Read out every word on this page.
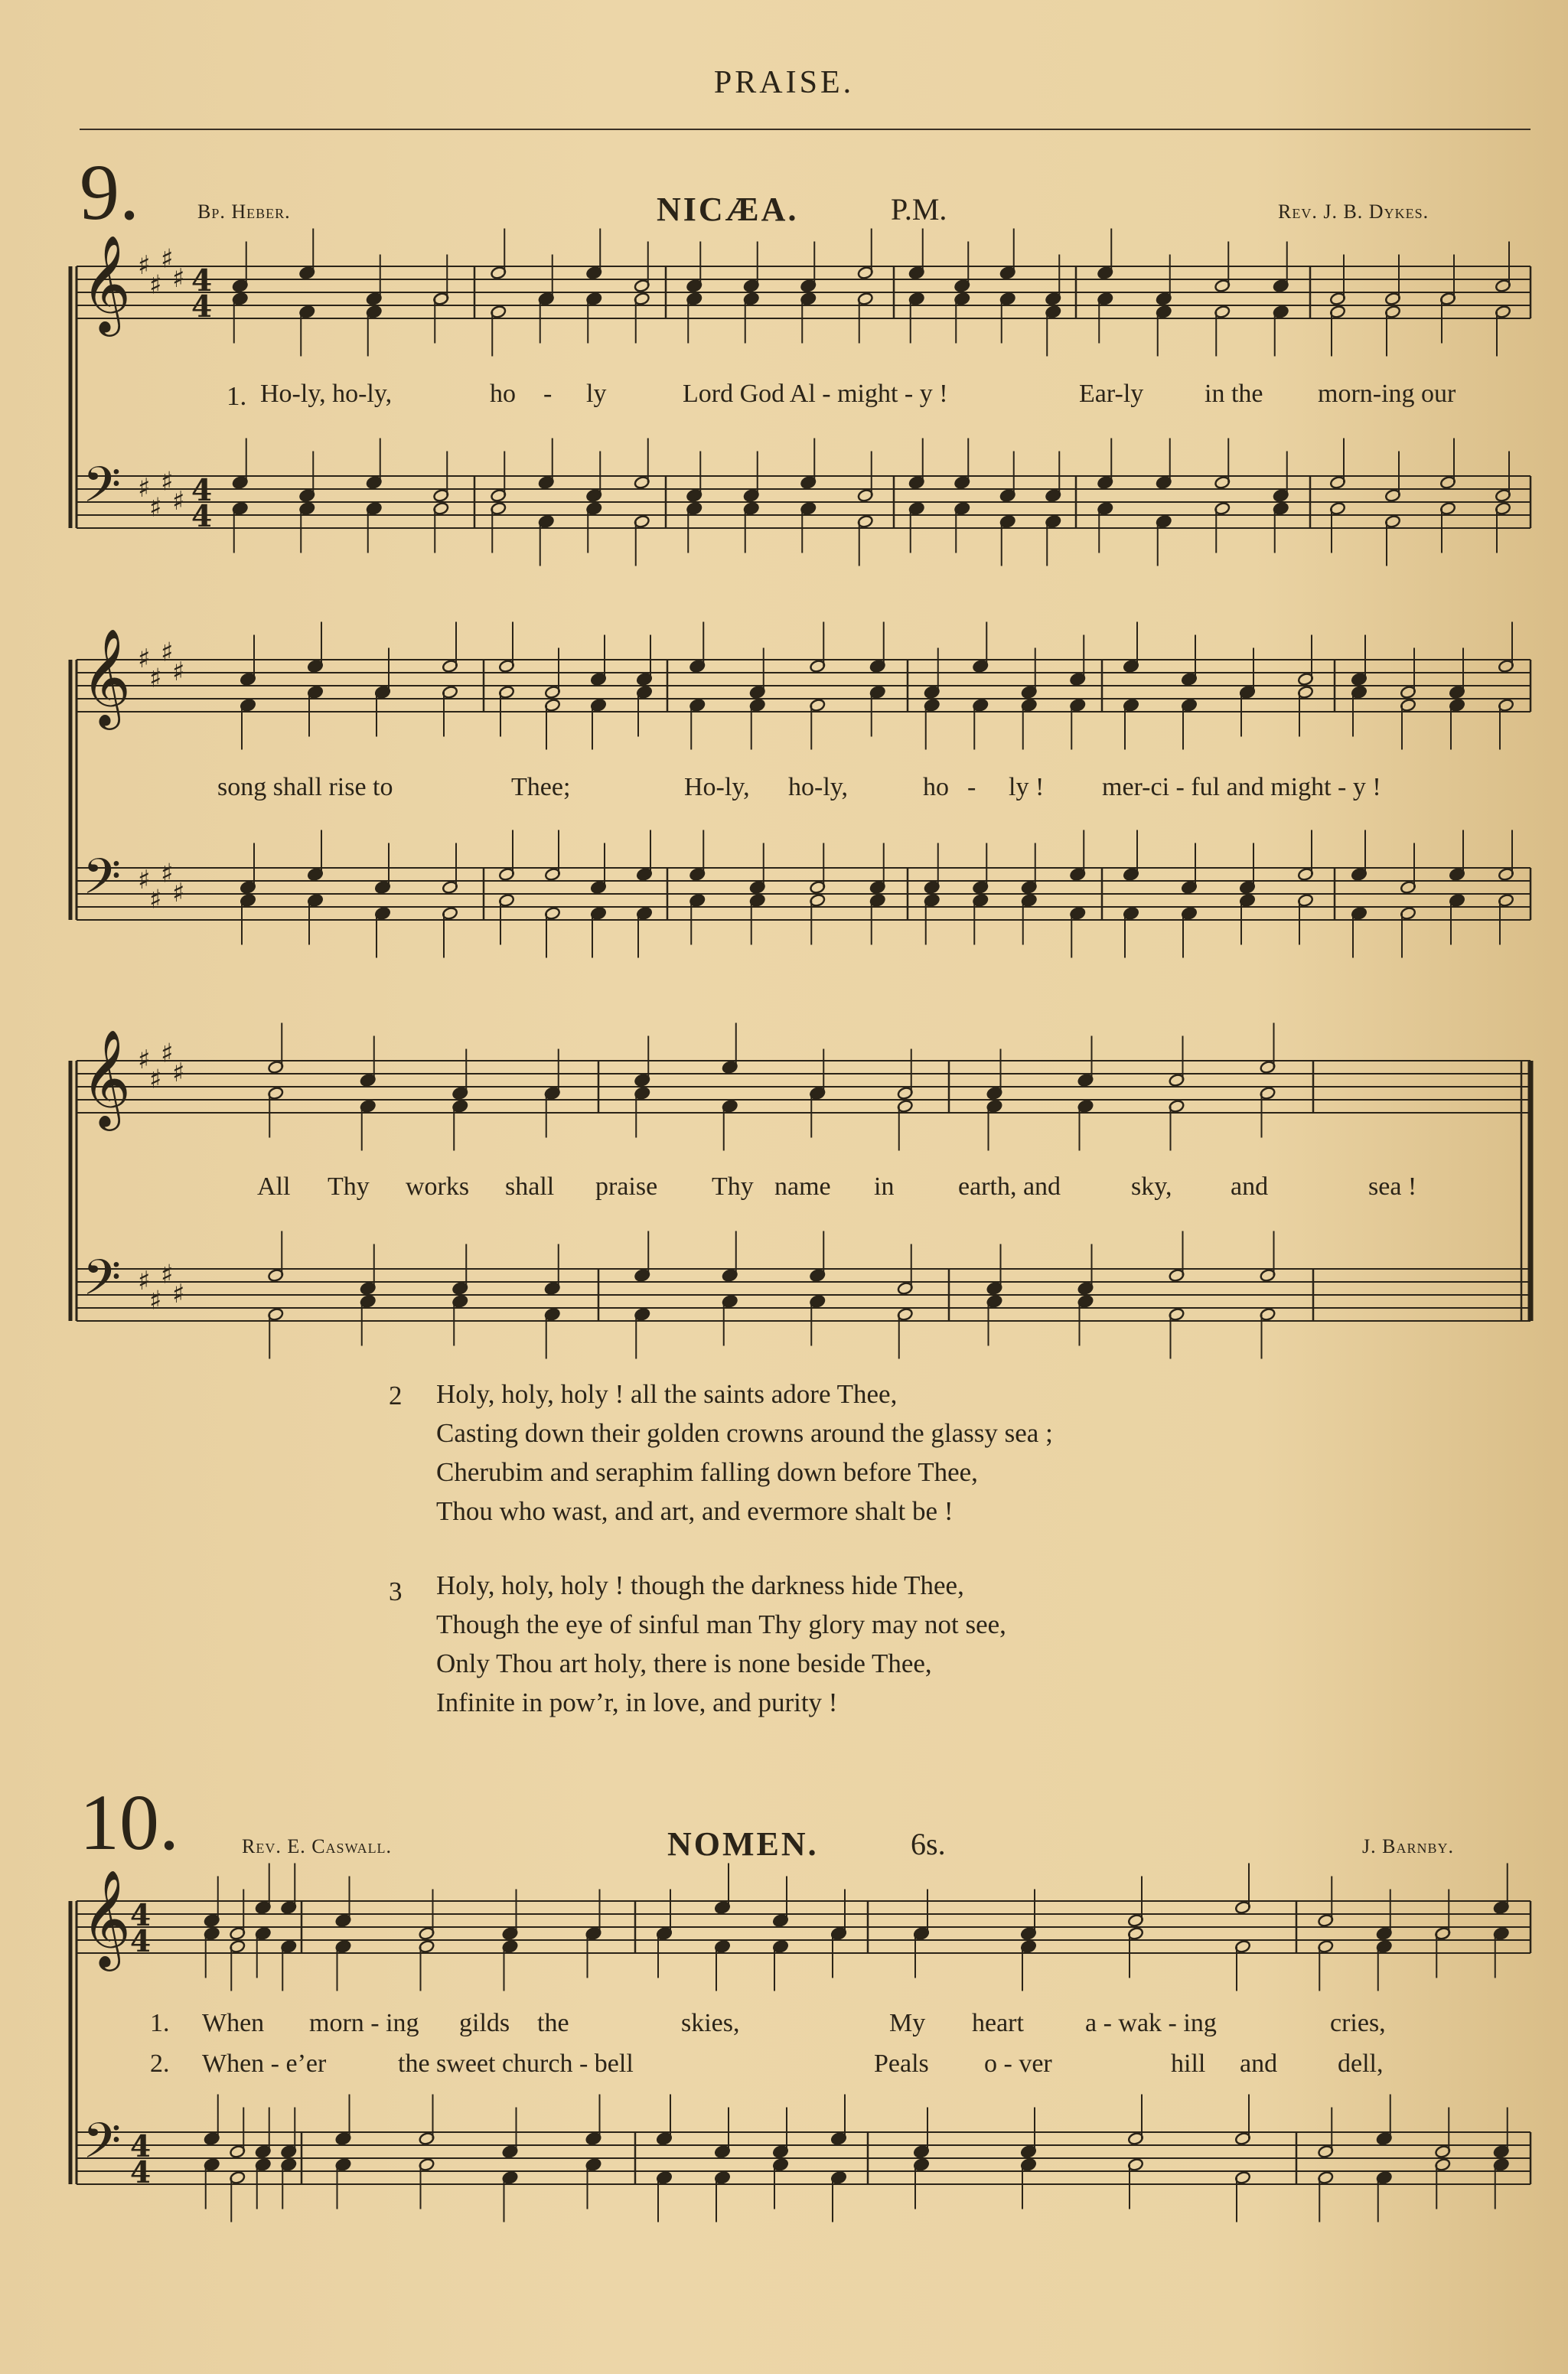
PRAISE.
9.	Bp. Heber.	NICÆA.	P.M.	Rev. J. B. Dykes.
𝄞
𝄢
𝄞
𝄢
𝄞
𝄢
𝄞
𝄢
♯
♯
♯
♯
♯
♯
♯
♯
♯
♯
♯
♯
♯
♯
♯
♯
♯
♯
♯
♯
♯
♯
♯
♯
4
4
4
4
4
4
4
4
1. Ho-ly, ho-ly,	ho - ly	Lord God Al - might - y !	Ear-ly in the morn-ing our
song shall rise to	Thee;	Ho-ly, ho-ly,	ho - ly ! mer-ci - ful and might - y !
All Thy works shall praise Thy name in earth, and	sky, and	sea !
2 Holy, holy, holy ! all the saints adore Thee,
Casting down their golden crowns around the glassy sea ;
Cherubim and seraphim falling down before Thee,
Thou who wast, and art, and evermore shalt be !
3 Holy, holy, holy ! though the darkness hide Thee,
Though the eye of sinful man Thy glory may not see,
Only Thou art holy, there is none beside Thee,
Infinite in pow’r, in love, and purity !
10.	Rev. E. Caswall.	NOMEN.	6s.	J. Barnby.
1. When morn - ing gilds the	skies,	My heart a - wak - ing	cries,
2. When - e’er	the sweet church - bell	Peals o - ver	hill and dell,
